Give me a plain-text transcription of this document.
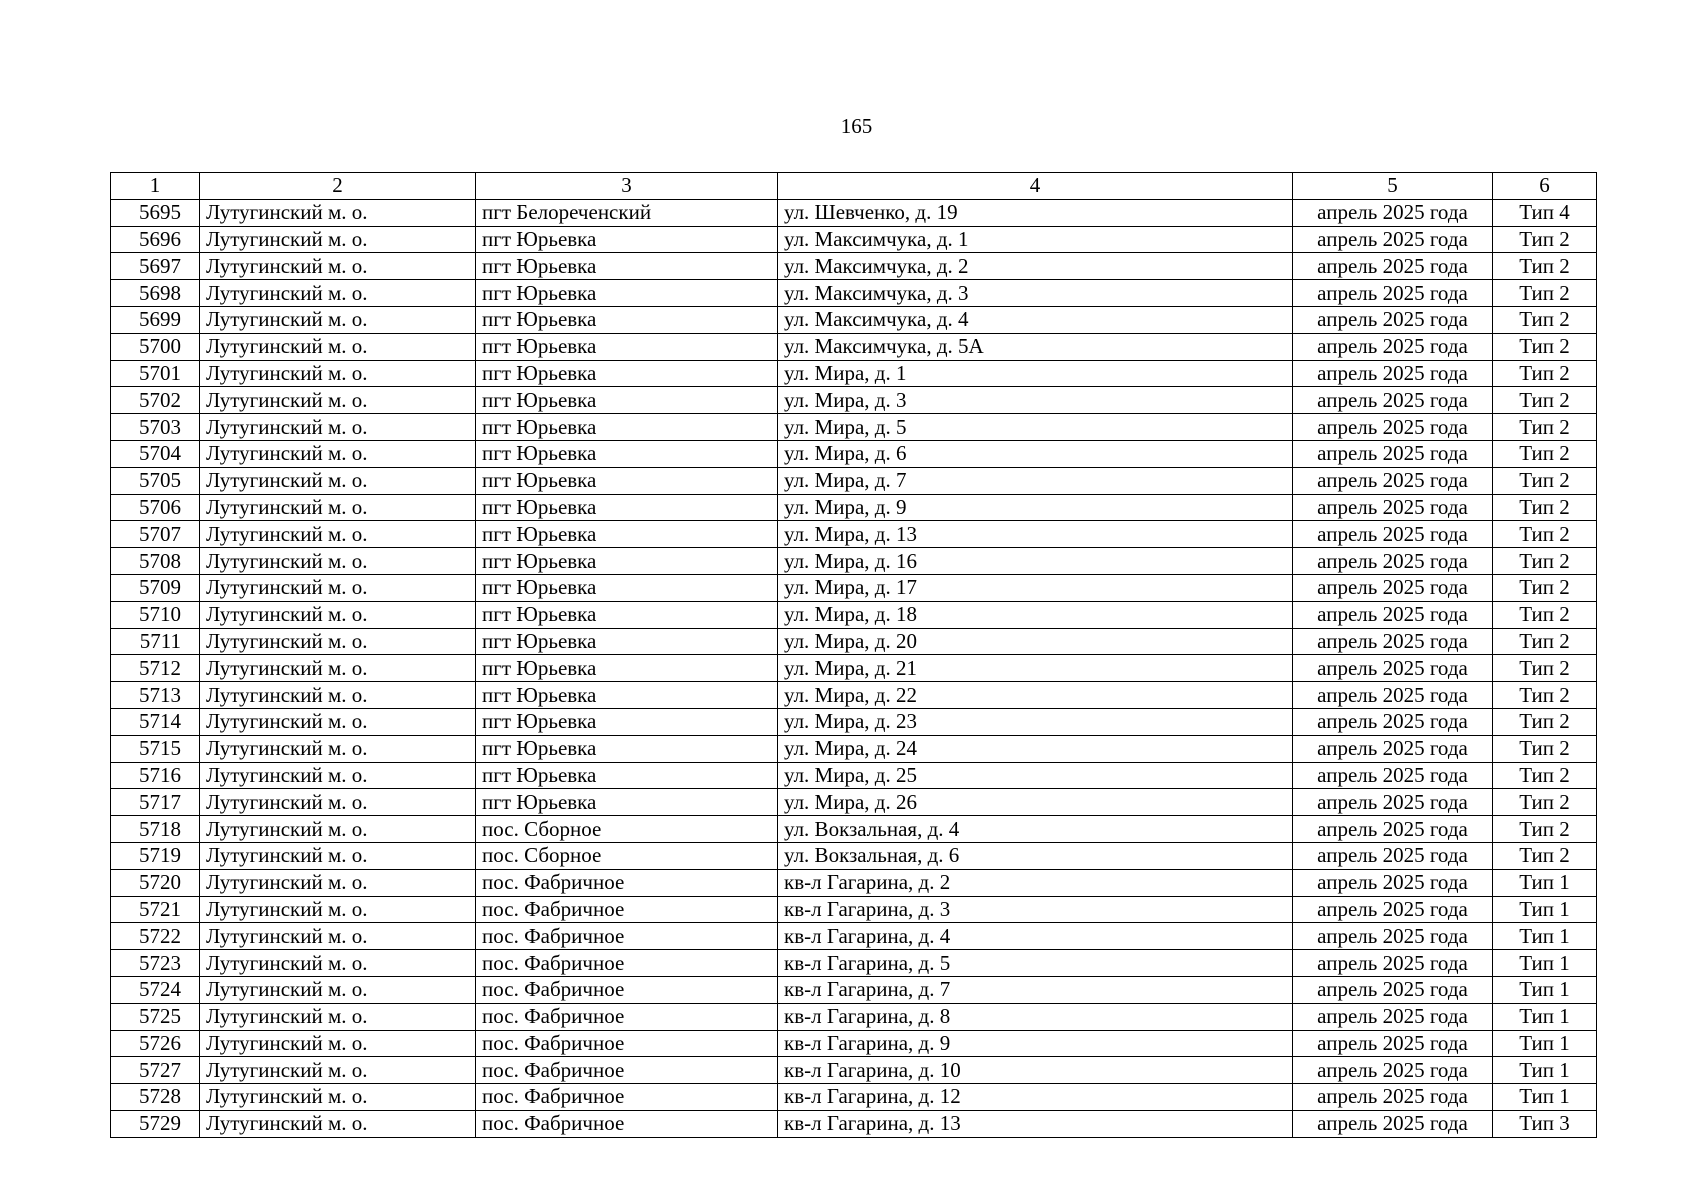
165
1	2	3	4	5	6
5695	Лутугинский м. о.	пгт Белореченский	ул. Шевченко, д. 19	апрель 2025 года	Тип 4
5696	Лутугинский м. о.	пгт Юрьевка	ул. Максимчука, д. 1	апрель 2025 года	Тип 2
5697	Лутугинский м. о.	пгт Юрьевка	ул. Максимчука, д. 2	апрель 2025 года	Тип 2
5698	Лутугинский м. о.	пгт Юрьевка	ул. Максимчука, д. 3	апрель 2025 года	Тип 2
5699	Лутугинский м. о.	пгт Юрьевка	ул. Максимчука, д. 4	апрель 2025 года	Тип 2
5700	Лутугинский м. о.	пгт Юрьевка	ул. Максимчука, д. 5А	апрель 2025 года	Тип 2
5701	Лутугинский м. о.	пгт Юрьевка	ул. Мира, д. 1	апрель 2025 года	Тип 2
5702	Лутугинский м. о.	пгт Юрьевка	ул. Мира, д. 3	апрель 2025 года	Тип 2
5703	Лутугинский м. о.	пгт Юрьевка	ул. Мира, д. 5	апрель 2025 года	Тип 2
5704	Лутугинский м. о.	пгт Юрьевка	ул. Мира, д. 6	апрель 2025 года	Тип 2
5705	Лутугинский м. о.	пгт Юрьевка	ул. Мира, д. 7	апрель 2025 года	Тип 2
5706	Лутугинский м. о.	пгт Юрьевка	ул. Мира, д. 9	апрель 2025 года	Тип 2
5707	Лутугинский м. о.	пгт Юрьевка	ул. Мира, д. 13	апрель 2025 года	Тип 2
5708	Лутугинский м. о.	пгт Юрьевка	ул. Мира, д. 16	апрель 2025 года	Тип 2
5709	Лутугинский м. о.	пгт Юрьевка	ул. Мира, д. 17	апрель 2025 года	Тип 2
5710	Лутугинский м. о.	пгт Юрьевка	ул. Мира, д. 18	апрель 2025 года	Тип 2
5711	Лутугинский м. о.	пгт Юрьевка	ул. Мира, д. 20	апрель 2025 года	Тип 2
5712	Лутугинский м. о.	пгт Юрьевка	ул. Мира, д. 21	апрель 2025 года	Тип 2
5713	Лутугинский м. о.	пгт Юрьевка	ул. Мира, д. 22	апрель 2025 года	Тип 2
5714	Лутугинский м. о.	пгт Юрьевка	ул. Мира, д. 23	апрель 2025 года	Тип 2
5715	Лутугинский м. о.	пгт Юрьевка	ул. Мира, д. 24	апрель 2025 года	Тип 2
5716	Лутугинский м. о.	пгт Юрьевка	ул. Мира, д. 25	апрель 2025 года	Тип 2
5717	Лутугинский м. о.	пгт Юрьевка	ул. Мира, д. 26	апрель 2025 года	Тип 2
5718	Лутугинский м. о.	пос. Сборное	ул. Вокзальная, д. 4	апрель 2025 года	Тип 2
5719	Лутугинский м. о.	пос. Сборное	ул. Вокзальная, д. 6	апрель 2025 года	Тип 2
5720	Лутугинский м. о.	пос. Фабричное	кв-л Гагарина, д. 2	апрель 2025 года	Тип 1
5721	Лутугинский м. о.	пос. Фабричное	кв-л Гагарина, д. 3	апрель 2025 года	Тип 1
5722	Лутугинский м. о.	пос. Фабричное	кв-л Гагарина, д. 4	апрель 2025 года	Тип 1
5723	Лутугинский м. о.	пос. Фабричное	кв-л Гагарина, д. 5	апрель 2025 года	Тип 1
5724	Лутугинский м. о.	пос. Фабричное	кв-л Гагарина, д. 7	апрель 2025 года	Тип 1
5725	Лутугинский м. о.	пос. Фабричное	кв-л Гагарина, д. 8	апрель 2025 года	Тип 1
5726	Лутугинский м. о.	пос. Фабричное	кв-л Гагарина, д. 9	апрель 2025 года	Тип 1
5727	Лутугинский м. о.	пос. Фабричное	кв-л Гагарина, д. 10	апрель 2025 года	Тип 1
5728	Лутугинский м. о.	пос. Фабричное	кв-л Гагарина, д. 12	апрель 2025 года	Тип 1
5729	Лутугинский м. о.	пос. Фабричное	кв-л Гагарина, д. 13	апрель 2025 года	Тип 3
